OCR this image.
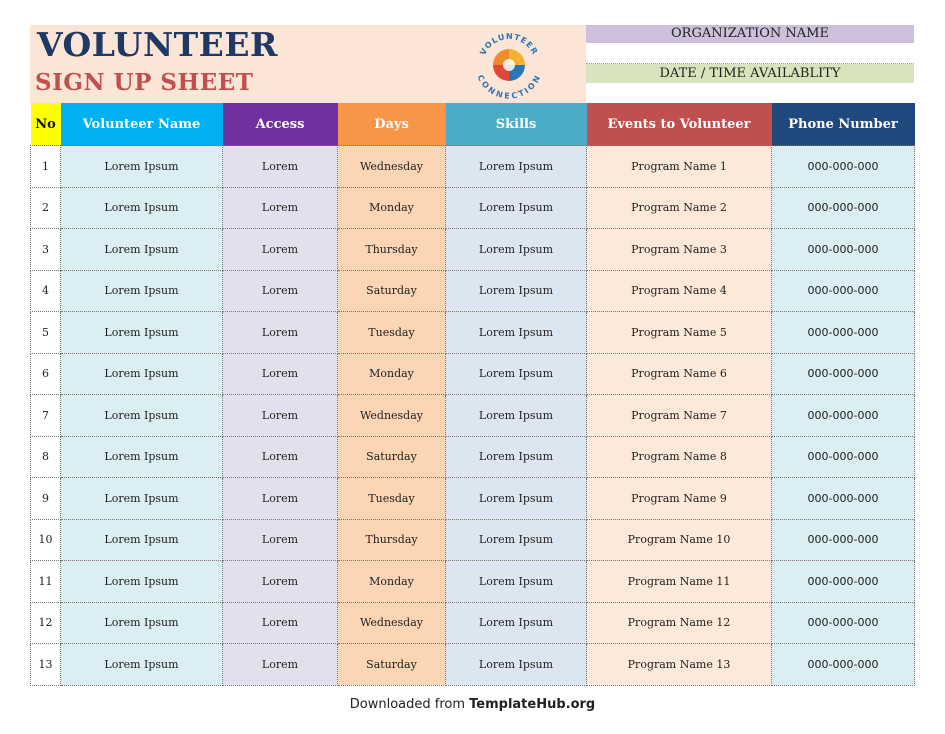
VOLUNTEER
SIGN UP SHEET
VOLUNTEER
CONNECTION
ORGANIZATION NAME
DATE / TIME AVAILABLITY
No	Volunteer Name	Access	Days	Skills	Events to Volunteer	Phone Number
1	Lorem Ipsum	Lorem	Wednesday	Lorem Ipsum	Program Name 1	000-000-000
2	Lorem Ipsum	Lorem	Monday	Lorem Ipsum	Program Name 2	000-000-000
3	Lorem Ipsum	Lorem	Thursday	Lorem Ipsum	Program Name 3	000-000-000
4	Lorem Ipsum	Lorem	Saturday	Lorem Ipsum	Program Name 4	000-000-000
5	Lorem Ipsum	Lorem	Tuesday	Lorem Ipsum	Program Name 5	000-000-000
6	Lorem Ipsum	Lorem	Monday	Lorem Ipsum	Program Name 6	000-000-000
7	Lorem Ipsum	Lorem	Wednesday	Lorem Ipsum	Program Name 7	000-000-000
8	Lorem Ipsum	Lorem	Saturday	Lorem Ipsum	Program Name 8	000-000-000
9	Lorem Ipsum	Lorem	Tuesday	Lorem Ipsum	Program Name 9	000-000-000
10	Lorem Ipsum	Lorem	Thursday	Lorem Ipsum	Program Name 10	000-000-000
11	Lorem Ipsum	Lorem	Monday	Lorem Ipsum	Program Name 11	000-000-000
12	Lorem Ipsum	Lorem	Wednesday	Lorem Ipsum	Program Name 12	000-000-000
13	Lorem Ipsum	Lorem	Saturday	Lorem Ipsum	Program Name 13	000-000-000
Downloaded from TemplateHub.org
